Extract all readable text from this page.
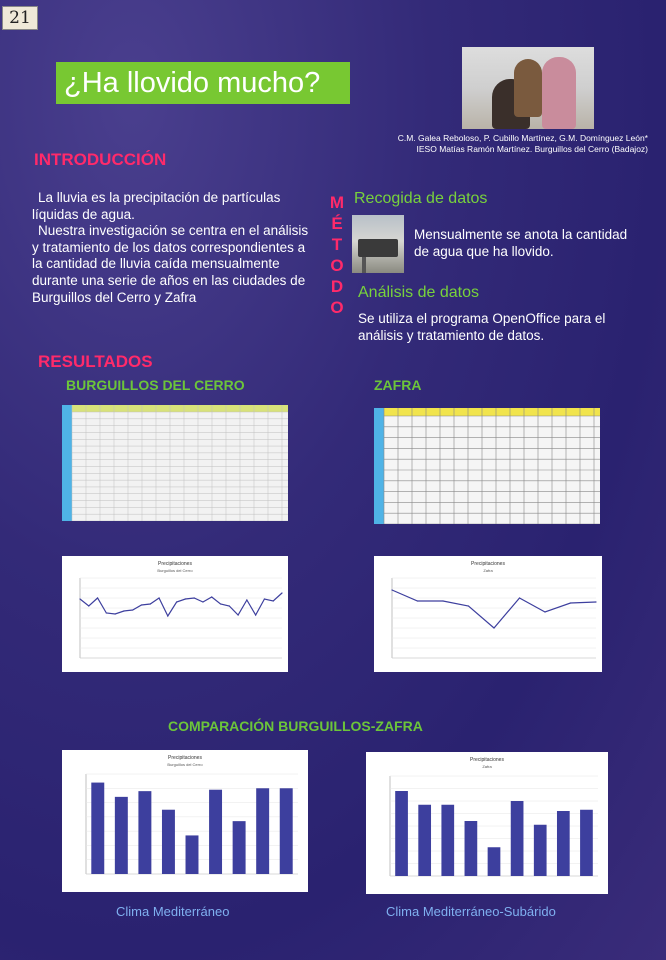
21
¿Ha llovido mucho?
C.M. Galea Reboloso, P. Cubillo Martínez, G.M. Domínguez León*
IESO Matías Ramón Martínez. Burguillos del Cerro (Badajoz)
INTRODUCCIÓN

La lluvia es la precipitación de partículas líquidas de agua.

Nuestra investigación se centra en el análisis y tratamiento de los datos correspondientes a la cantidad de lluvia caída mensualmente durante una serie de años en las ciudades de Burguillos del Cerro y Zafra

M
É
T
O
D
O
Recogida de datos
Mensualmente se anota la cantidad de agua que ha llovido.
Análisis de datos
Se utiliza el programa OpenOffice para el análisis y tratamiento de datos.
RESULTADOS
BURGUILLOS DEL CERRO	ZAFRA
Precipitaciones
Burguillos del Cerro
Precipitaciones
Zafra
COMPARACIÓN BURGUILLOS-ZAFRA
Precipitaciones
Burguillos del Cerro
Precipitaciones
Zafra
Clima Mediterráneo	Clima Mediterráneo-Subárido
